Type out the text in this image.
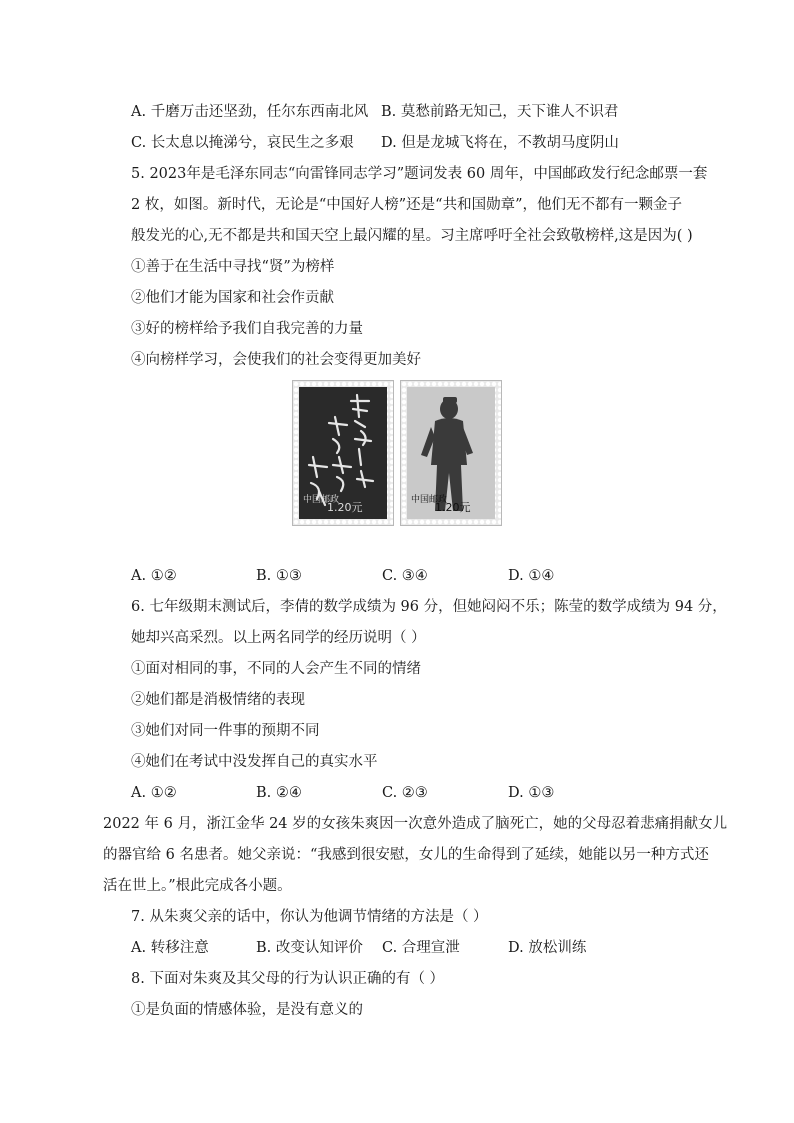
A. 千磨万击还坚劲，任尔东西南北风 B. 莫愁前路无知己，天下谁人不识君
C. 长太息以掩涕兮，哀民生之多艰 D. 但是龙城飞将在，不教胡马度阴山
5. 2023年是毛泽东同志“向雷锋同志学习”题词发表 60 周年，中国邮政发行纪念邮票一套
2 枚，如图。新时代，无论是“中国好人榜”还是“共和国勋章”，他们无不都有一颗金子
般发光的心,无不都是共和国天空上最闪耀的星。习主席呼吁全社会致敬榜样,这是因为( )
①善于在生活中寻找“贤”为榜样
②他们才能为国家和社会作贡献
③好的榜样给予我们自我完善的力量
④向榜样学习，会使我们的社会变得更加美好
中国邮政
1.20元
中国邮政
1.20元
A. ①②	B. ①③	C. ③④	D. ①④
6. 七年级期末测试后，李倩的数学成绩为 96 分，但她闷闷不乐；陈莹的数学成绩为 94 分，
她却兴高采烈。以上两名同学的经历说明（ ）
①面对相同的事，不同的人会产生不同的情绪
②她们都是消极情绪的表现
③她们对同一件事的预期不同
④她们在考试中没发挥自己的真实水平
A. ①②	B. ②④	C. ②③	D. ①③
2022 年 6 月，浙江金华 24 岁的女孩朱爽因一次意外造成了脑死亡，她的父母忍着悲痛捐献女儿
的器官给 6 名患者。她父亲说：“我感到很安慰，女儿的生命得到了延续，她能以另一种方式还
活在世上。”根此完成各小题。
7. 从朱爽父亲的话中，你认为他调节情绪的方法是（ ）
A. 转移注意	B. 改变认知评价 C. 合理宣泄	D. 放松训练
8. 下面对朱爽及其父母的行为认识正确的有（ ）
①是负面的情感体验，是没有意义的
